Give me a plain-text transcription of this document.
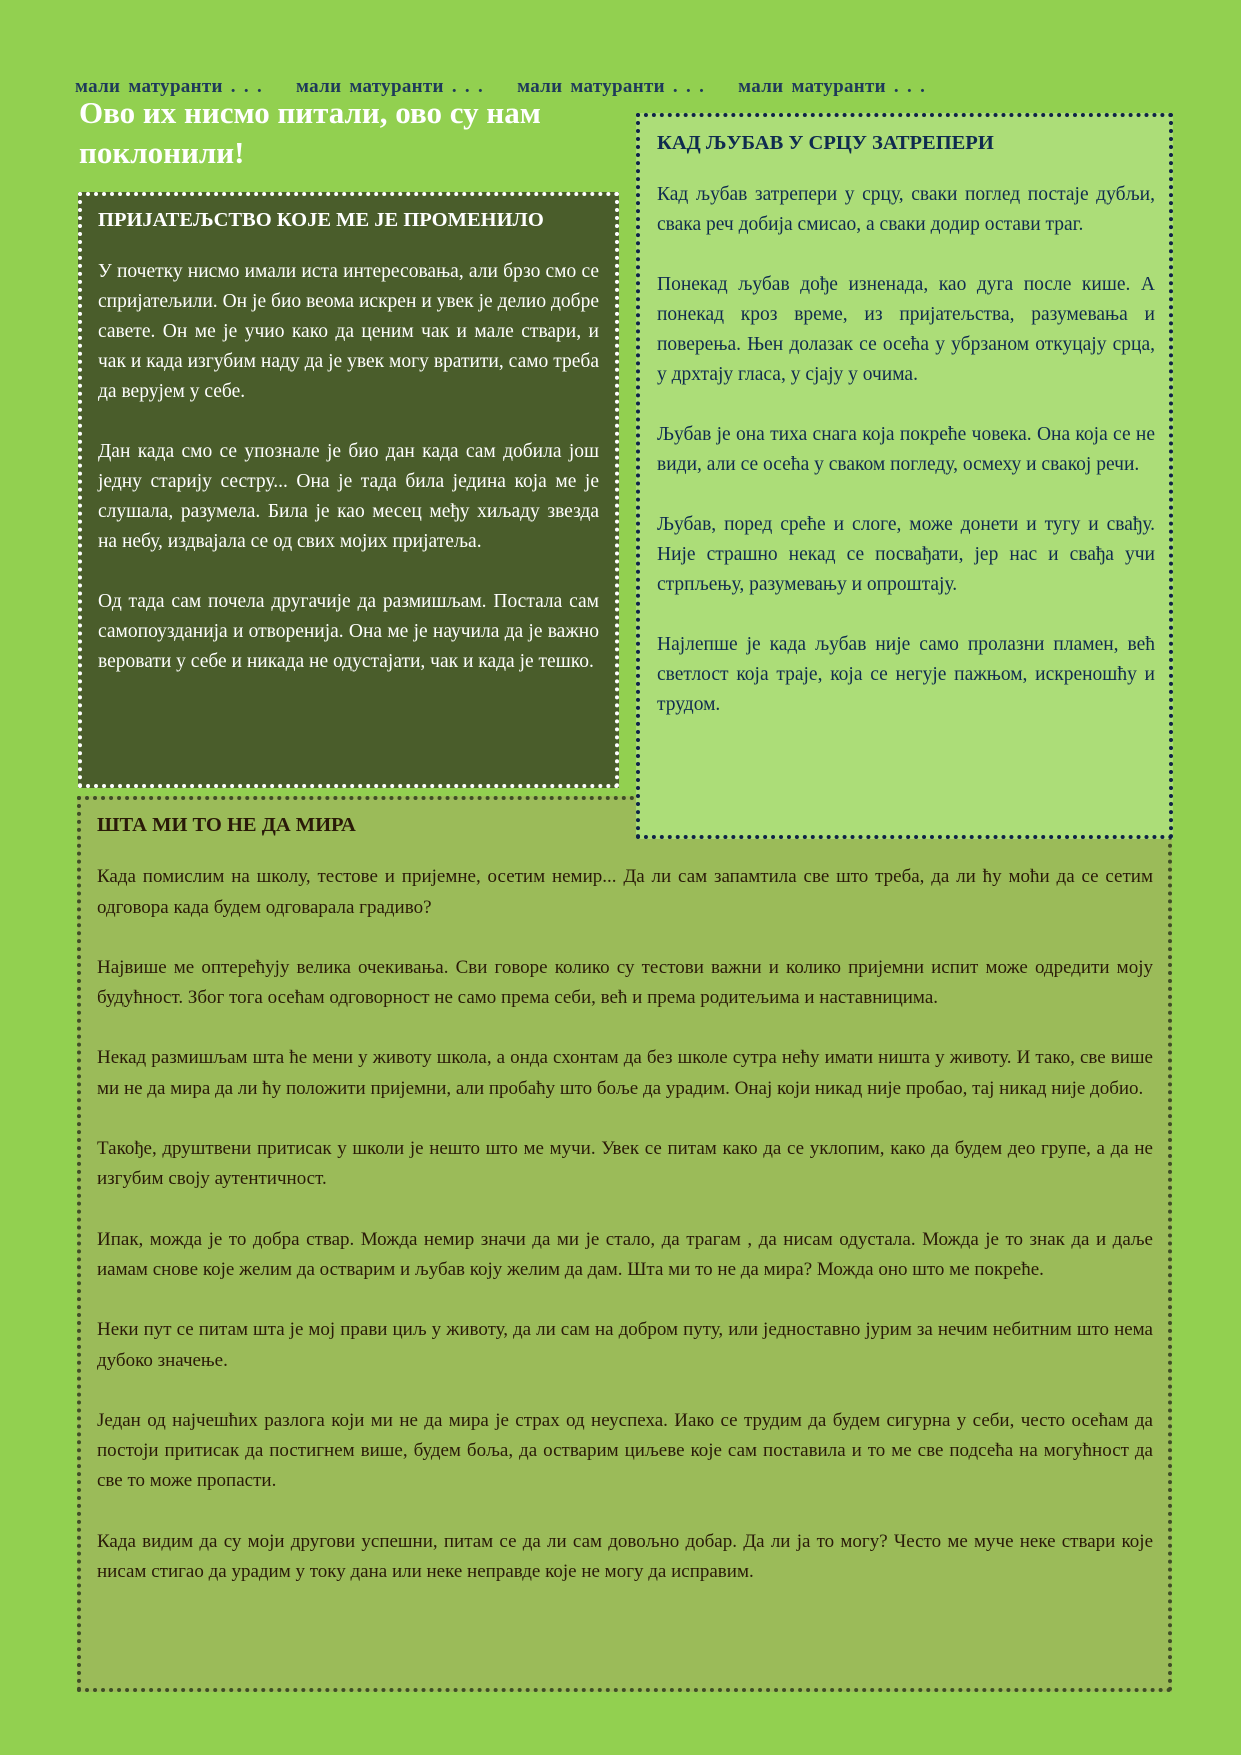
мали матуранти . . . мали матуранти . . . мали матуранти . . . мали матуранти . . .
Ово их нисмо питали, ово су нам поклонили!
ПРИЈАТЕЉСТВО КОЈЕ МЕ ЈЕ ПРОМЕНИЛО

У почетку нисмо имали иста интересовања, али брзо смо се спријатељили. Он је био веома искрен и увек је делио добре савете. Он ме је учио како да ценим чак и мале ствари, и чак и када изгубим наду да је увек могу вратити, само треба да верујем у себе.

Дан када смо се упознале је био дан када сам добила још једну старију сестру... Она је тада била једина која ме је слушала, разумела. Била је као месец међу хиљаду звезда на небу, издвајала се од свих мојих пријатеља.

Од тада сам почела другачије да размишљам. Постала сам самопоузданија и отворенија. Она ме је научила да је важно веровати у себе и никада не одустајати, чак и када је тешко.

КАД ЉУБАВ У СРЦУ ЗАТРЕПЕРИ

Кад љубав затрепери у срцу, сваки поглед постаје дубљи, свака реч добија смисао, а сваки додир остави траг.

Понекад љубав дође изненада, као дуга после кише. А понекад кроз време, из пријатељства, разумевања и поверења. Њен долазак се осећа у убрзаном откуцају срца, у дрхтају гласа, у сјају у очима.

Љубав је она тиха снага која покреће човека. Она која се не види, али се осећа у сваком погледу, осмеху и свакој речи.

Љубав, поред среће и слоге, може донети и тугу и свађу. Није страшно некад се посвађати, јер нас и свађа учи стрпљењу, разумевању и опроштају.

Најлепше је када љубав није само пролазни пламен, већ светлост која траје, која се негује пажњом, искреношћу и трудом.

ШТА МИ ТО НЕ ДА МИРА

Када помислим на школу, тестове и пријемне, осетим немир... Да ли сам запамтила све што треба, да ли ћу моћи да се сетим одговора када будем одговарала градиво?

Највише ме оптерећују велика очекивања. Сви говоре колико су тестови важни и колико пријемни испит може одредити моју будућност. Због тога осећам одговорност не само према себи, већ и према родитељима и наставницима.

Некад размишљам шта ће мени у животу школа, а онда схонтам да без школе сутра нећу имати ништа у животу. И тако, све више ми не да мира да ли ћу положити пријемни, али пробаћу што боље да урадим. Онај који никад није пробао, тај никад није добио.

Такође, друштвени притисак у школи је нешто што ме мучи. Увек се питам како да се уклопим, како да будем део групе, а да не изгубим своју аутентичност.

Ипак, можда је то добра ствар. Можда немир значи да ми је стало, да трагам , да нисам одустала. Можда је то знак да и даље иамам снове које желим да остварим и љубав коју желим да дам. Шта ми то не да мира? Можда оно што ме покреће.

Неки пут се питам шта је мој прави циљ у животу, да ли сам на добром путу, или једноставно јурим за нечим небитним што нема дубоко значење.

Један од најчешћих разлога који ми не да мира је страх од неуспеха. Иако се трудим да будем сигурна у себи, често осећам да постоји притисак да постигнем више, будем боља, да остварим циљеве које сам поставила и то ме све подсећа на могућност да све то може пропасти.

Када видим да су моји другови успешни, питам се да ли сам довољно добар. Да ли ја то могу? Често ме муче неке ствари које нисам стигао да урадим у току дана или неке неправде које не могу да исправим.
